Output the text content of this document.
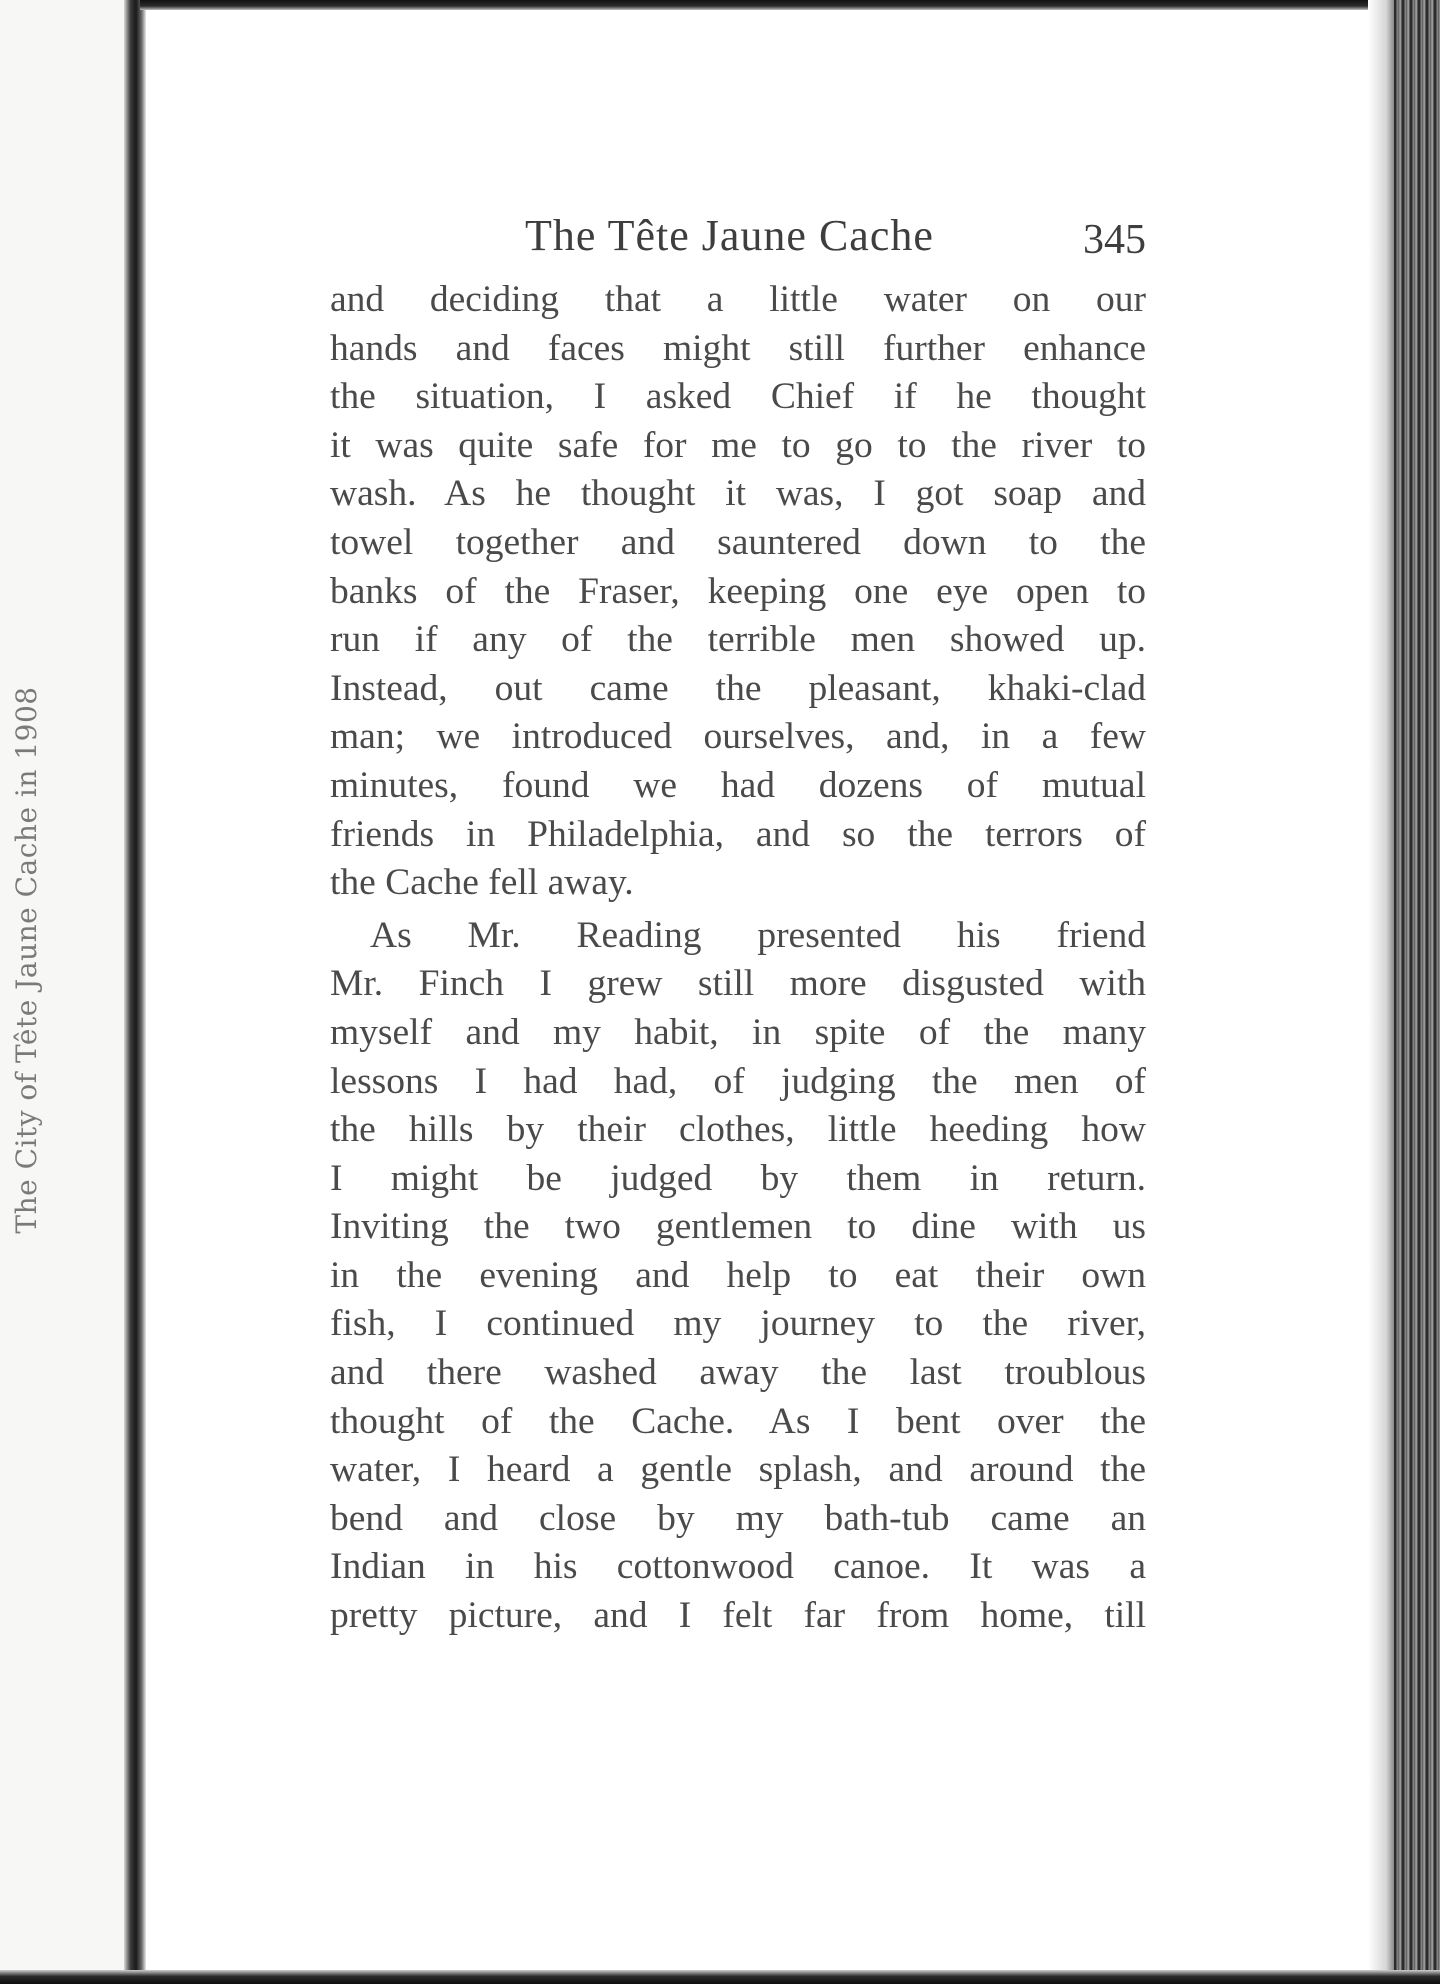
The City of Tête Jaune Cache in 1908
The Tête Jaune Cache	345
and deciding that a little water on our
hands and faces might still further enhance
the situation, I asked Chief if he thought
it was quite safe for me to go to the river to
wash. As he thought it was, I got soap and
towel together and sauntered down to the
banks of the Fraser, keeping one eye open to
run if any of the terrible men showed up.
Instead, out came the pleasant, khaki-clad
man; we introduced ourselves, and, in a few
minutes, found we had dozens of mutual
friends in Philadelphia, and so the terrors of
the Cache fell away.
As Mr. Reading presented his friend
Mr. Finch I grew still more disgusted with
myself and my habit, in spite of the many
lessons I had had, of judging the men of
the hills by their clothes, little heeding how
I might be judged by them in return.
Inviting the two gentlemen to dine with us
in the evening and help to eat their own
fish, I continued my journey to the river,
and there washed away the last troublous
thought of the Cache. As I bent over the
water, I heard a gentle splash, and around the
bend and close by my bath-tub came an
Indian in his cottonwood canoe. It was a
pretty picture, and I felt far from home, till
